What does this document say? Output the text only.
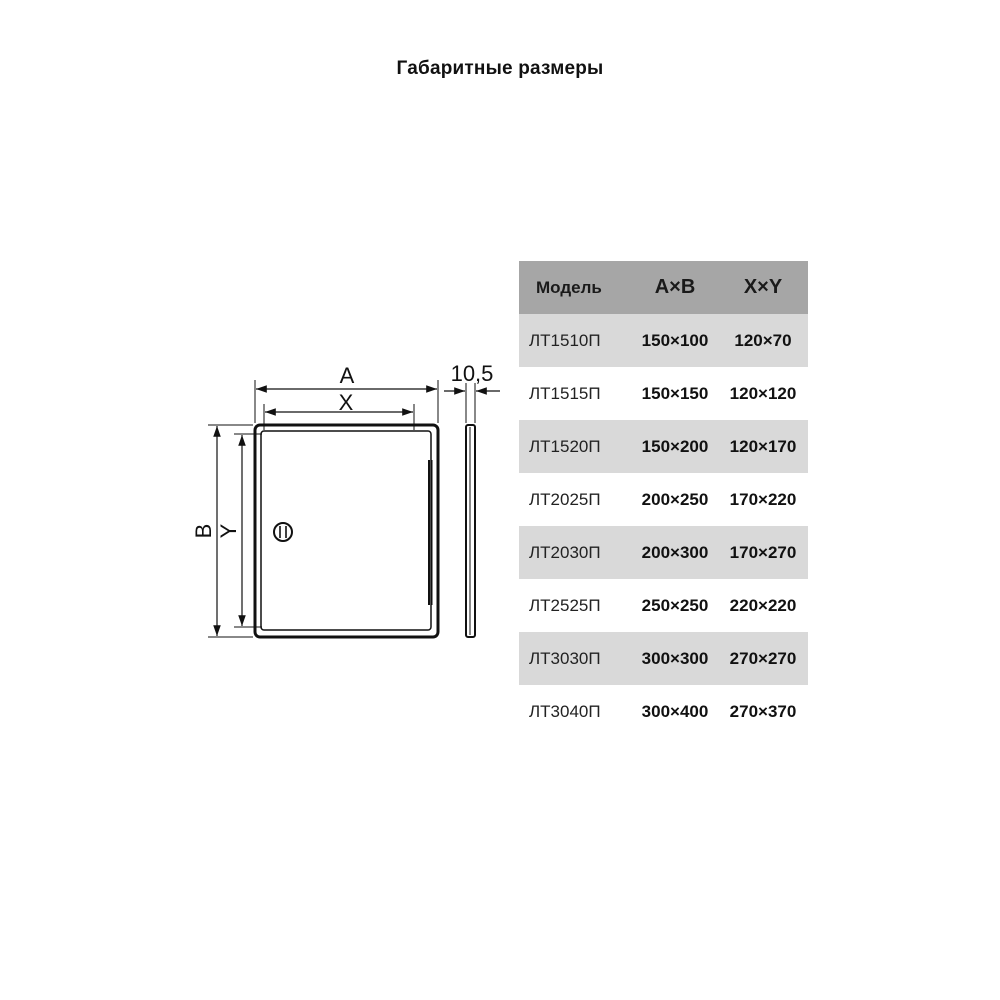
Габаритные размеры
A
X
10,5
B Y
Модель	A×B	X×Y
ЛТ1510П	150×100	120×70
ЛТ1515П	150×150	120×120
ЛТ1520П	150×200	120×170
ЛТ2025П	200×250	170×220
ЛТ2030П	200×300	170×270
ЛТ2525П	250×250	220×220
ЛТ3030П	300×300	270×270
ЛТ3040П	300×400	270×370
